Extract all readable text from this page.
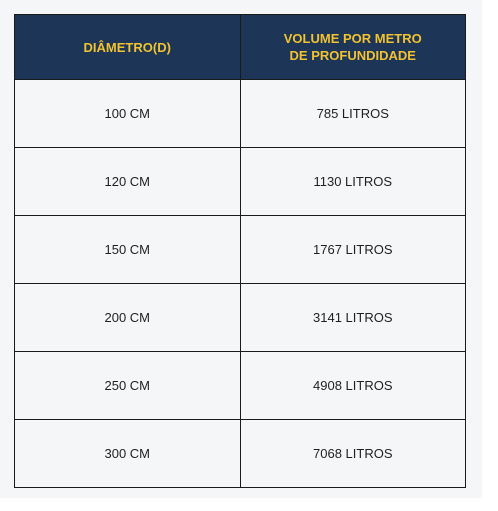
DIÂMETRO(D)	VOLUME POR METRO
DE PROFUNDIDADE
100 CM	785 LITROS
120 CM	1130 LITROS
150 CM	1767 LITROS
200 CM	3141 LITROS
250 CM	4908 LITROS
300 CM	7068 LITROS
